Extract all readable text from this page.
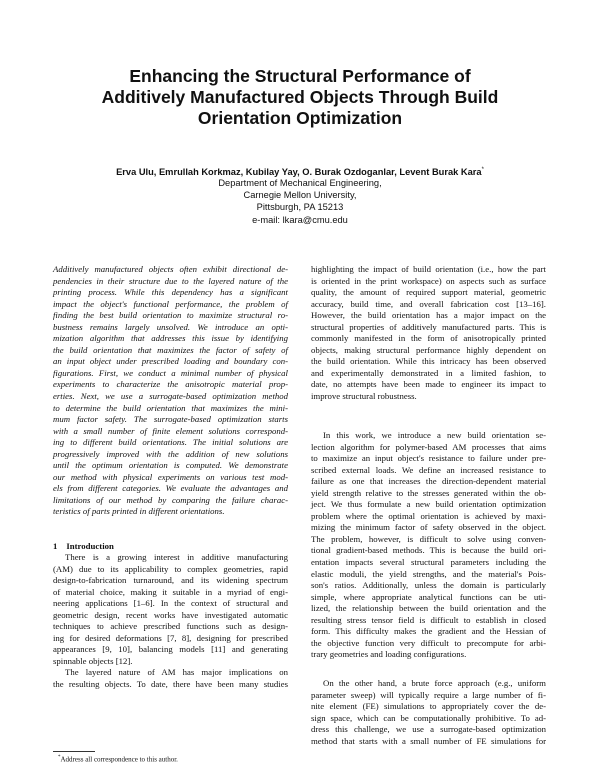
Enhancing the Structural Performance of
Additively Manufactured Objects Through Build
Orientation Optimization
Erva Ulu, Emrullah Korkmaz, Kubilay Yay, O. Burak Ozdoganlar, Levent Burak Kara*
Department of Mechanical Engineering,
Carnegie Mellon University,
Pittsburgh, PA 15213
e-mail: lkara@cmu.edu
Additively manufactured objects often exhibit directional de-
pendencies in their structure due to the layered nature of the
printing process. While this dependency has a significant
impact the object's functional performance, the problem of
finding the best build orientation to maximize structural ro-
bustness remains largely unsolved. We introduce an opti-
mization algorithm that addresses this issue by identifying
the build orientation that maximizes the factor of safety of
an input object under prescribed loading and boundary con-
figurations. First, we conduct a minimal number of physical
experiments to characterize the anisotropic material prop-
erties. Next, we use a surrogate-based optimization method
to determine the build orientation that maximizes the mini-
mum factor safety. The surrogate-based optimization starts
with a small number of finite element solutions correspond-
ing to different build orientations. The initial solutions are
progressively improved with the addition of new solutions
until the optimum orientation is computed. We demonstrate
our method with physical experiments on various test mod-
els from different categories. We evaluate the advantages and
limitations of our method by comparing the failure charac-
teristics of parts printed in different orientations.
1 Introduction
There is a growing interest in additive manufacturing
(AM) due to its applicability to complex geometries, rapid
design-to-fabrication turnaround, and its widening spectrum
of material choice, making it suitable in a myriad of engi-
neering applications [1–6]. In the context of structural and
geometric design, recent works have investigated automatic
techniques to achieve prescribed functions such as design-
ing for desired deformations [7, 8], designing for prescribed
appearances [9, 10], balancing models [11] and generating
spinnable objects [12].
The layered nature of AM has major implications on
the resulting objects. To date, there have been many studies
highlighting the impact of build orientation (i.e., how the part
is oriented in the print workspace) on aspects such as surface
quality, the amount of required support material, geometric
accuracy, build time, and overall fabrication cost [13–16].
However, the build orientation has a major impact on the
structural properties of additively manufactured parts. This is
commonly manifested in the form of anisotropically printed
objects, making structural performance highly dependent on
the build orientation. While this intricacy has been observed
and experimentally demonstrated in a limited fashion, to
date, no attempts have been made to engineer its impact to
improve structural robustness.
In this work, we introduce a new build orientation se-
lection algorithm for polymer-based AM processes that aims
to maximize an input object's resistance to failure under pre-
scribed external loads. We define an increased resistance to
failure as one that increases the direction-dependent material
yield strength relative to the stresses generated within the ob-
ject. We thus formulate a new build orientation optimization
problem where the optimal orientation is achieved by maxi-
mizing the minimum factor of safety observed in the object.
The problem, however, is difficult to solve using conven-
tional gradient-based methods. This is because the build ori-
entation impacts several structural parameters including the
elastic moduli, the yield strengths, and the material's Pois-
son's ratios. Additionally, unless the domain is particularly
simple, where appropriate analytical functions can be uti-
lized, the relationship between the build orientation and the
resulting stress tensor field is difficult to establish in closed
form. This difficulty makes the gradient and the Hessian of
the objective function very difficult to precompute for arbi-
trary geometries and loading configurations.
On the other hand, a brute force approach (e.g., uniform
parameter sweep) will typically require a large number of fi-
nite element (FE) simulations to appropriately cover the de-
sign space, which can be computationally prohibitive. To ad-
dress this challenge, we use a surrogate-based optimization
method that starts with a small number of FE simulations for
*Address all correspondence to this author.
